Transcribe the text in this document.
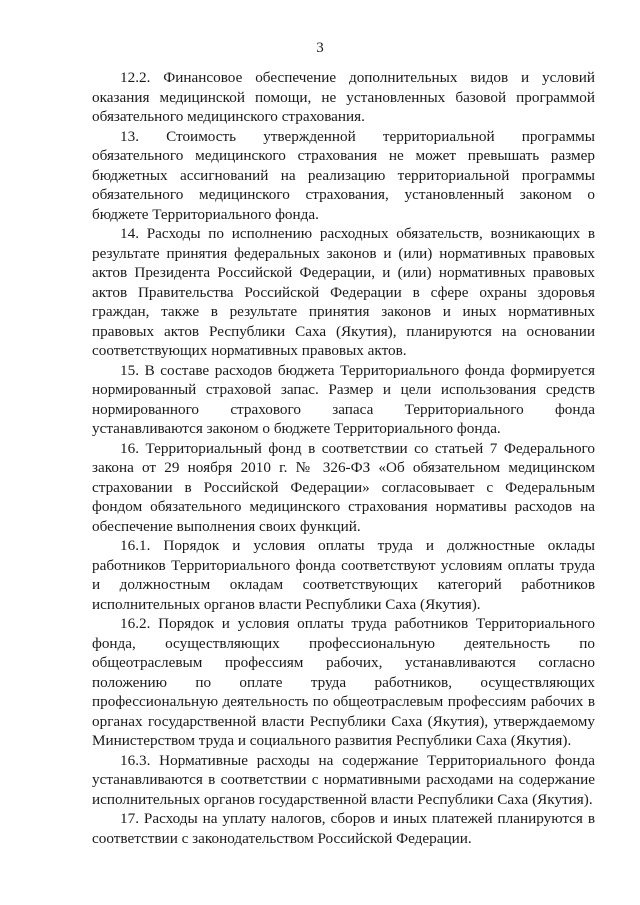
3

12.2. Финансовое обеспечение дополнительных видов и условий оказания медицинской помощи, не установленных базовой программой обязательного медицинского страхования.

13. Стоимость утвержденной территориальной программы обязательного медицинского страхования не может превышать размер бюджетных ассигнований на реализацию территориальной программы обязательного медицинского страхования, установленный законом о бюджете Территориального фонда.

14. Расходы по исполнению расходных обязательств, возникающих в результате принятия федеральных законов и (или) нормативных правовых актов Президента Российской Федерации, и (или) нормативных правовых актов Правительства Российской Федерации в сфере охраны здоровья граждан, также в результате принятия законов и иных нормативных правовых актов Республики Саха (Якутия), планируются на основании соответствующих нормативных правовых актов.

15. В составе расходов бюджета Территориального фонда формируется нормированный страховой запас. Размер и цели использования средств нормированного страхового запаса Территориального фонда устанавливаются законом о бюджете Территориального фонда.

16. Территориальный фонд в соответствии со статьей 7 Федерального закона от 29 ноября 2010 г. № 326-ФЗ «Об обязательном медицинском страховании в Российской Федерации» согласовывает с Федеральным фондом обязательного медицинского страхования нормативы расходов на обеспечение выполнения своих функций.

16.1. Порядок и условия оплаты труда и должностные оклады работников Территориального фонда соответствуют условиям оплаты труда и должностным окладам соответствующих категорий работников исполнительных органов власти Республики Саха (Якутия).

16.2. Порядок и условия оплаты труда работников Территориального фонда, осуществляющих профессиональную деятельность по общеотраслевым профессиям рабочих, устанавливаются согласно положению по оплате труда работников, осуществляющих профессиональную деятельность по общеотраслевым профессиям рабочих в органах государственной власти Республики Саха (Якутия), утверждаемому Министерством труда и социального развития Республики Саха (Якутия).

16.3. Нормативные расходы на содержание Территориального фонда устанавливаются в соответствии с нормативными расходами на содержание исполнительных органов государственной власти Республики Саха (Якутия).

17. Расходы на уплату налогов, сборов и иных платежей планируются в соответствии с законодательством Российской Федерации.
